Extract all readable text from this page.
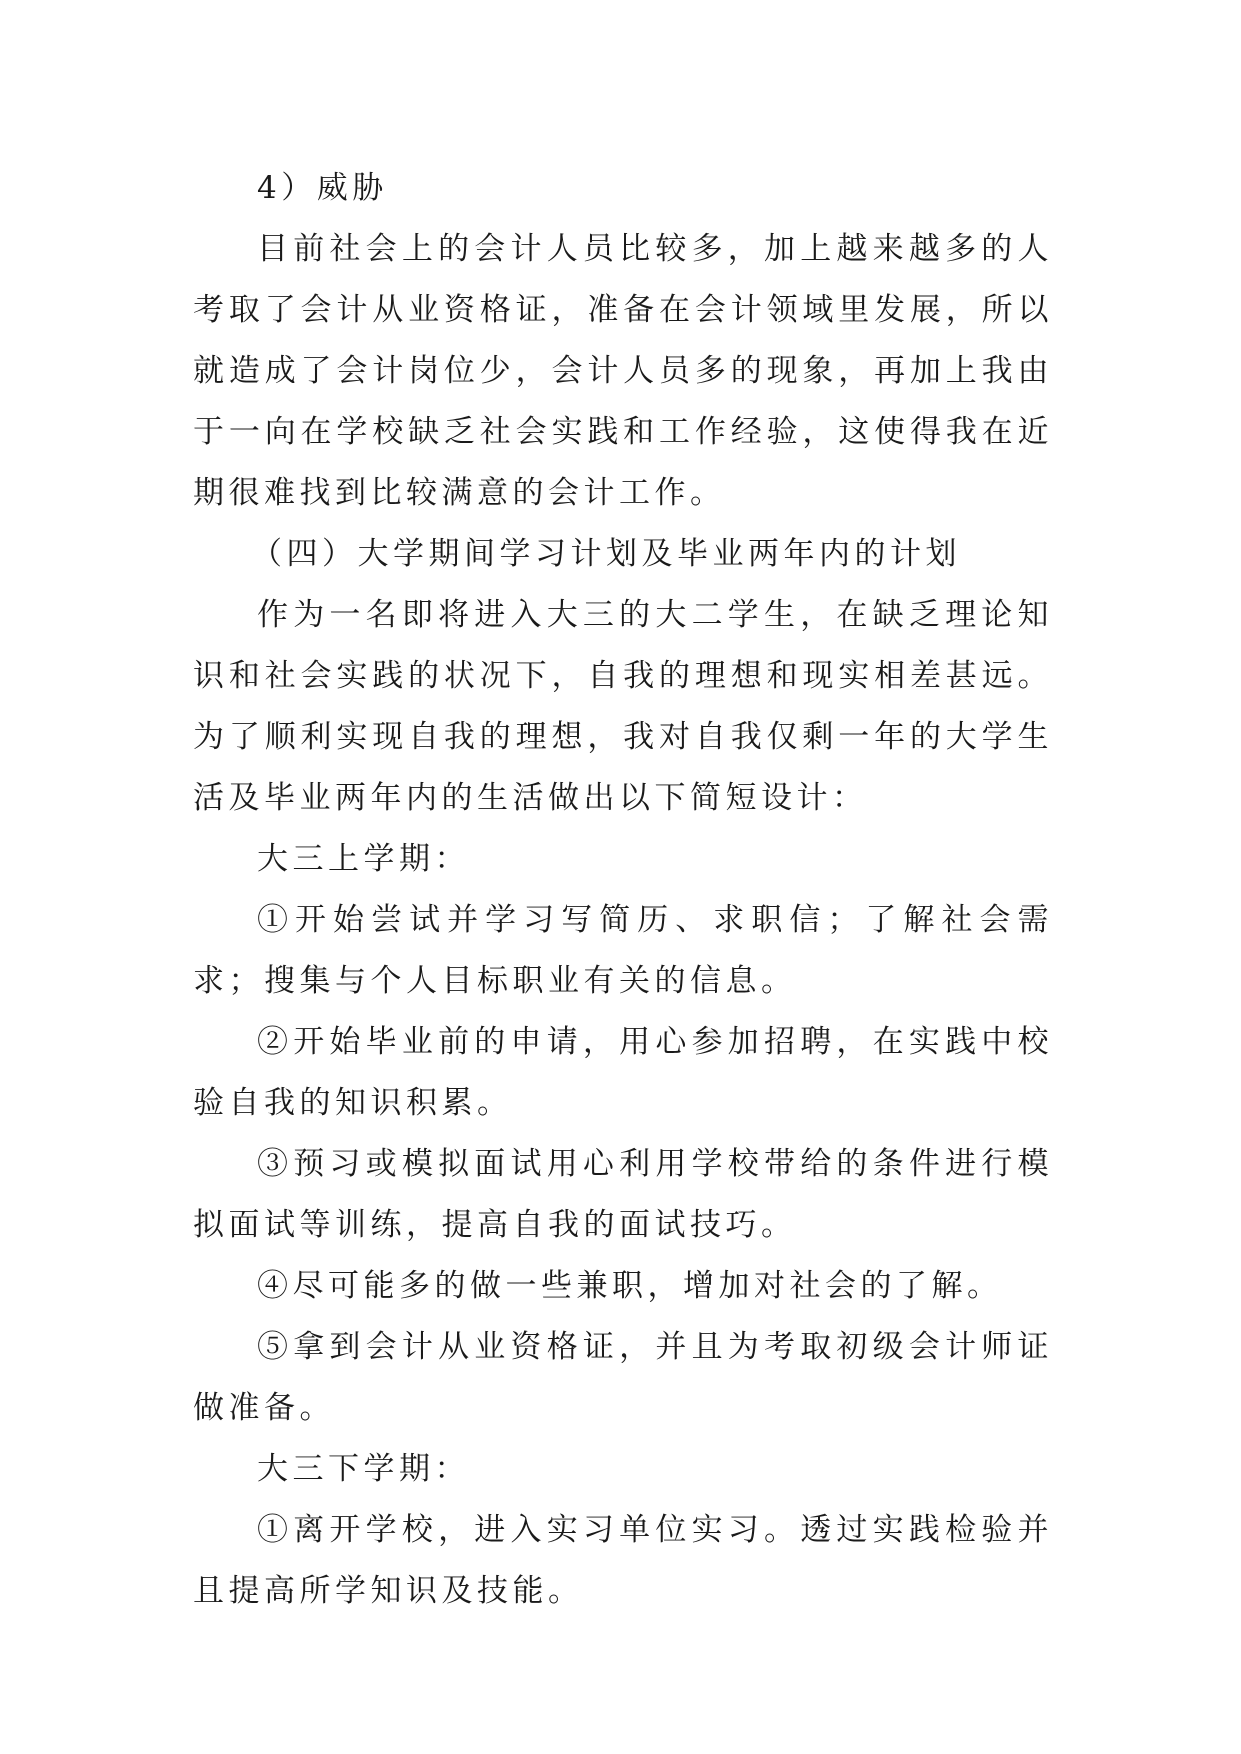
4）威胁

目前社会上的会计人员比较多，加上越来越多的人考取了会计从业资格证，准备在会计领域里发展，所以就造成了会计岗位少，会计人员多的现象，再加上我由于一向在学校缺乏社会实践和工作经验，这使得我在近期很难找到比较满意的会计工作。

（四）大学期间学习计划及毕业两年内的计划

作为一名即将进入大三的大二学生，在缺乏理论知识和社会实践的状况下，自我的理想和现实相差甚远。为了顺利实现自我的理想，我对自我仅剩一年的大学生活及毕业两年内的生活做出以下简短设计：

大三上学期：

①开始尝试并学习写简历、求职信；了解社会需求；搜集与个人目标职业有关的信息。

②开始毕业前的申请，用心参加招聘，在实践中校验自我的知识积累。

③预习或模拟面试用心利用学校带给的条件进行模拟面试等训练，提高自我的面试技巧。

④尽可能多的做一些兼职，增加对社会的了解。

⑤拿到会计从业资格证，并且为考取初级会计师证做准备。

大三下学期：

①离开学校，进入实习单位实习。透过实践检验并且提高所学知识及技能。
